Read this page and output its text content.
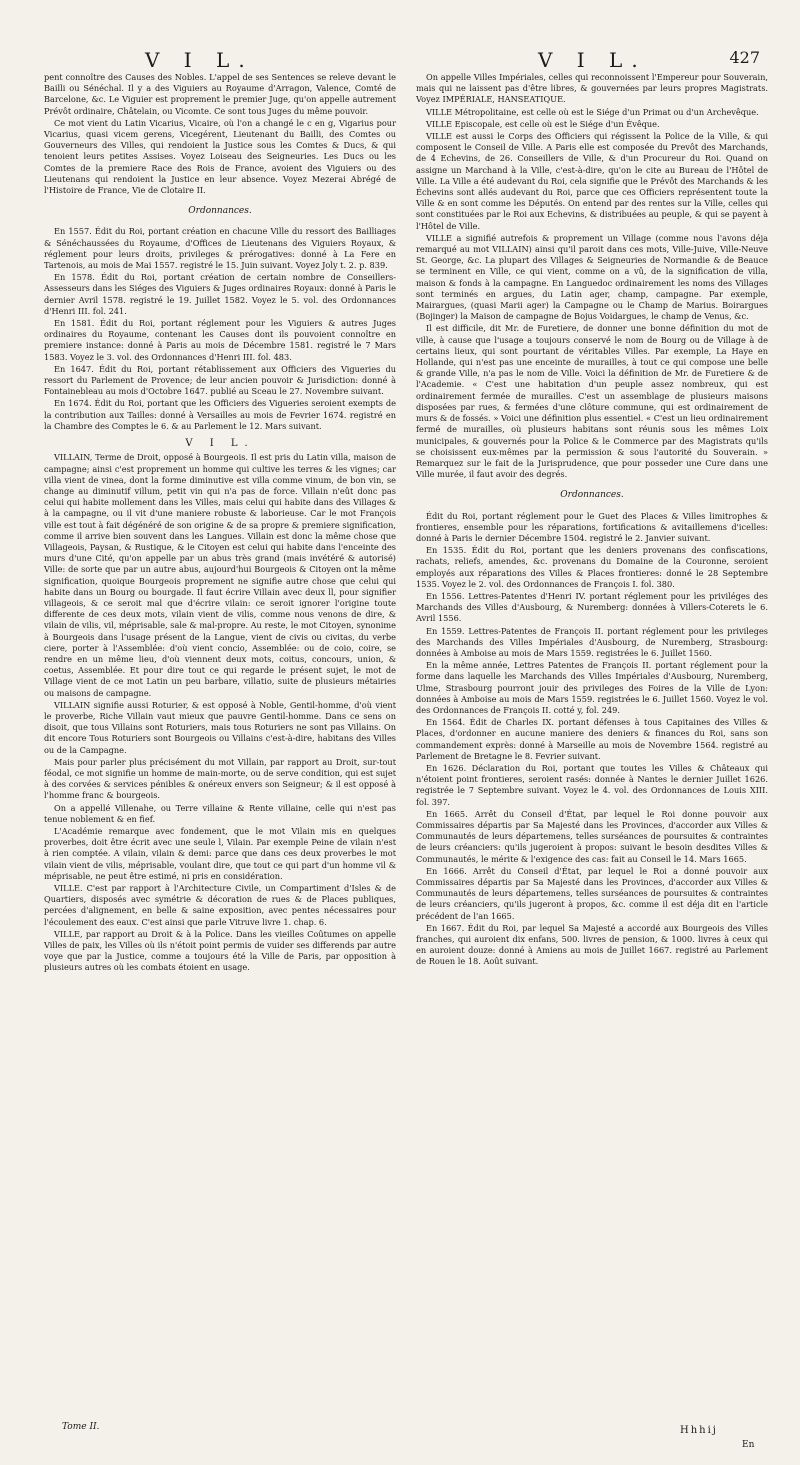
V I L.	V I L.	427

pent connoître des Causes des Nobles. L'appel de ses Sentences se releve devant le Bailli ou Sénéchal. Il y a des Viguiers au Royaume d'Arragon, Valence, Comté de Barcelone, &c. Le Viguier est proprement le premier Juge, qu'on appelle autrement Prévôt ordinaire, Châtelain, ou Vicomte. Ce sont tous Juges du même pouvoir.

Ce mot vient du Latin Vicarius, Vicaire, où l'on a changé le c en g, Vigarius pour Vicarius, quasi vicem gerens, Vicegérent, Lieutenant du Bailli, des Comtes ou Gouverneurs des Villes, qui rendoient la Justice sous les Comtes & Ducs, & qui tenoient leurs petites Assises. Voyez Loiseau des Seigneuries. Les Ducs ou les Comtes de la premiere Race des Rois de France, avoient des Viguiers ou des Lieutenans qui rendoient la Justice en leur absence. Voyez Mezerai Abrégé de l'Histoire de France, Vie de Clotaire II.

Ordonnances.

En 1557. Édit du Roi, portant création en chacune Ville du ressort des Bailliages & Sénéchaussées du Royaume, d'Offices de Lieutenans des Viguiers Royaux, & réglement pour leurs droits, privileges & prérogatives: donné à La Fere en Tartenois, au mois de Mai 1557. registré le 15. Juin suivant. Voyez Joly t. 2. p. 839.

En 1578. Édit du Roi, portant création de certain nombre de Conseillers-Assesseurs dans les Siéges des Viguiers & Juges ordinaires Royaux: donné à Paris le dernier Avril 1578. registré le 19. Juillet 1582. Voyez le 5. vol. des Ordonnances d'Henri III. fol. 241.

En 1581. Édit du Roi, portant réglement pour les Viguiers & autres Juges ordinaires du Royaume, contenant les Causes dont ils pouvoient connoître en premiere instance: donné à Paris au mois de Décembre 1581. registré le 7 Mars 1583. Voyez le 3. vol. des Ordonnances d'Henri III. fol. 483.

En 1647. Édit du Roi, portant rétablissement aux Officiers des Vigueries du ressort du Parlement de Provence; de leur ancien pouvoir & Jurisdiction: donné à Fontainebleau au mois d'Octobre 1647. publié au Sceau le 27. Novembre suivant.

En 1674. Édit du Roi, portant que les Officiers des Vigueries seroient exempts de la contribution aux Tailles: donné à Versailles au mois de Fevrier 1674. registré en la Chambre des Comptes le 6. & au Parlement le 12. Mars suivant.

V I L.

VILLAIN, Terme de Droit, opposé à Bourgeois. Il est pris du Latin villa, maison de campagne; ainsi c'est proprement un homme qui cultive les terres & les vignes; car villa vient de vinea, dont la forme diminutive est villa comme vinum, de bon vin, se change au diminutif villum, petit vin qui n'a pas de force. Villain n'eût donc pas celui qui habite mollement dans les Villes, mais celui qui habite dans des Villages & à la campagne, ou il vit d'une maniere robuste & laborieuse. Car le mot François ville est tout à fait dégénéré de son origine & de sa propre & premiere signification, comme il arrive bien souvent dans les Langues. Villain est donc la même chose que Villageois, Paysan, & Rustique, & le Citoyen est celui qui habite dans l'enceinte des murs d'une Cité, qu'on appelle par un abus très grand (mais invétéré & autorisé) Ville: de sorte que par un autre abus, aujourd'hui Bourgeois & Citoyen ont la même signification, quoique Bourgeois proprement ne signifie autre chose que celui qui habite dans un Bourg ou bourgade. Il faut écrire Villain avec deux ll, pour signifier villageois, & ce seroit mal que d'écrire vilain: ce seroit ignorer l'origine toute differente de ces deux mots, vilain vient de vilis, comme nous venons de dire, & vilain de vilis, vil, méprisable, sale & mal-propre. Au reste, le mot Citoyen, synonime à Bourgeois dans l'usage présent de la Langue, vient de civis ou civitas, du verbe ciere, porter à l'Assemblée: d'où vient concio, Assemblée: ou de coio, coire, se rendre en un même lieu, d'où viennent deux mots, coitus, concours, union, & coetus, Assemblée. Et pour dire tout ce qui regarde le présent sujet, le mot de Village vient de ce mot Latin un peu barbare, villatio, suite de plusieurs métairies ou maisons de campagne.

VILLAIN signifie aussi Roturier, & est opposé à Noble, Gentil-homme, d'où vient le proverbe, Riche Villain vaut mieux que pauvre Gentil-homme. Dans ce sens on disoit, que tous Villains sont Roturiers, mais tous Roturiers ne sont pas Villains. On dit encore Tous Roturiers sont Bourgeois ou Villains c'est-à-dire, habitans des Villes ou de la Campagne.

Mais pour parler plus précisément du mot Villain, par rapport au Droit, sur-tout féodal, ce mot signifie un homme de main-morte, ou de serve condition, qui est sujet à des corvées & services pénibles & onéreux envers son Seigneur; & il est opposé à l'homme franc & bourgeois.

On a appellé Villenahe, ou Terre villaine & Rente villaine, celle qui n'est pas tenue noblement & en fief.

L'Académie remarque avec fondement, que le mot Vilain mis en quelques proverbes, doit être écrit avec une seule l, Vilain. Par exemple Peine de vilain n'est à rien comptée. A vilain, vilain & demi: parce que dans ces deux proverbes le mot vilain vient de vilis, méprisable, voulant dire, que tout ce qui part d'un homme vil & méprisable, ne peut être estimé, ni pris en considération.

VILLE. C'est par rapport à l'Architecture Civile, un Compartiment d'Isles & de Quartiers, disposés avec symétrie & décoration de rues & de Places publiques, percées d'alignement, en belle & saine exposition, avec pentes nécessaires pour l'écoulement des eaux. C'est ainsi que parle Vitruve livre 1. chap. 6.

VILLE, par rapport au Droit & à la Police. Dans les vieilles Coûtumes on appelle Villes de paix, les Villes où ils n'étoit point permis de vuider ses differends par autre voye que par la Justice, comme a toujours été la Ville de Paris, par opposition à plusieurs autres où les combats étoient en usage.

On appelle Villes Impériales, celles qui reconnoissent l'Empereur pour Souverain, mais qui ne laissent pas d'être libres, & gouvernées par leurs propres Magistrats. Voyez IMPÉRIALE, HANSEATIQUE.

VILLE Métropolitaine, est celle où est le Siége d'un Primat ou d'un Archevêque.

VILLE Episcopale, est celle où est le Siége d'un Évêque.

VILLE est aussi le Corps des Officiers qui régissent la Police de la Ville, & qui composent le Conseil de Ville. A Paris elle est composée du Prevôt des Marchands, de 4 Echevins, de 26. Conseillers de Ville, & d'un Procureur du Roi. Quand on assigne un Marchand à la Ville, c'est-à-dire, qu'on le cite au Bureau de l'Hôtel de Ville. La Ville a été audevant du Roi, cela signifie que le Prévôt des Marchands & les Échevins sont allés audevant du Roi, parce que ces Officiers représentent toute la Ville & en sont comme les Députés. On entend par des rentes sur la Ville, celles qui sont constituées par le Roi aux Echevins, & distribuées au peuple, & qui se payent à l'Hôtel de Ville.

VILLE a signifié autrefois & proprement un Village (comme nous l'avons déja remarqué au mot VILLAIN) ainsi qu'il paroit dans ces mots, Ville-Juive, Ville-Neuve St. George, &c. La plupart des Villages & Seigneuries de Normandie & de Beauce se terminent en Ville, ce qui vient, comme on a vû, de la signification de villa, maison & fonds à la campagne. En Languedoc ordinairement les noms des Villages sont terminés en argues, du Latin ager, champ, campagne. Par exemple, Mairargues, (quasi Marii ager) la Campagne ou le Champ de Marius. Boirargues (Bojinger) la Maison de campagne de Bojus Voidargues, le champ de Venus, &c.

Il est difficile, dit Mr. de Furetiere, de donner une bonne définition du mot de ville, à cause que l'usage a toujours conservé le nom de Bourg ou de Village à de certains lieux, qui sont pourtant de véritables Villes. Par exemple, La Haye en Hollande, qui n'est pas une enceinte de murailles, à tout ce qui compose une belle & grande Ville, n'a pas le nom de Ville. Voici la définition de Mr. de Furetiere & de l'Academie. « C'est une habitation d'un peuple assez nombreux, qui est ordinairement fermée de murailles. C'est un assemblage de plusieurs maisons disposées par rues, & fermées d'une clôture commune, qui est ordinairement de murs & de fossés. » Voici une définition plus essentiel. « C'est un lieu ordinairement fermé de murailles, où plusieurs habitans sont réunis sous les mêmes Loix municipales, & gouvernés pour la Police & le Commerce par des Magistrats qu'ils se choisissent eux-mêmes par la permission & sous l'autorité du Souverain. » Remarquez sur le fait de la Jurisprudence, que pour posseder une Cure dans une Ville murée, il faut avoir des degrés.

Ordonnances.

Édit du Roi, portant réglement pour le Guet des Places & Villes limitrophes & frontieres, ensemble pour les réparations, fortifications & avitaillemens d'icelles: donné à Paris le dernier Décembre 1504. registré le 2. Janvier suivant.

En 1535. Édit du Roi, portant que les deniers provenans des confiscations, rachats, reliefs, amendes, &c. provenans du Domaine de la Couronne, seroient employés aux réparations des Villes & Places frontieres: donné le 28 Septembre 1535. Voyez le 2. vol. des Ordonnances de François I. fol. 380.

En 1556. Lettres-Patentes d'Henri IV. portant réglement pour les priviléges des Marchands des Villes d'Ausbourg, & Nuremberg: données à Villers-Coterets le 6. Avril 1556.

En 1559. Lettres-Patentes de François II. portant réglement pour les privileges des Marchands des Villes Impériales d'Ausbourg, de Nuremberg, Strasbourg: données à Amboise au mois de Mars 1559. registrées le 6. Juillet 1560.

En la même année, Lettres Patentes de François II. portant réglement pour la forme dans laquelle les Marchands des Villes Impériales d'Ausbourg, Nuremberg, Ulme, Strasbourg pourront jouir des privileges des Foires de la Ville de Lyon: données à Amboise au mois de Mars 1559. registrées le 6. Juillet 1560. Voyez le vol. des Ordonnances de François II. cotté y, fol. 249.

En 1564. Édit de Charles IX. portant défenses à tous Capitaines des Villes & Places, d'ordonner en aucune maniere des deniers & finances du Roi, sans son commandement exprès: donné à Marseille au mois de Novembre 1564. registré au Parlement de Bretagne le 8. Fevrier suivant.

En 1626. Déclaration du Roi, portant que toutes les Villes & Châteaux qui n'étoient point frontieres, seroient rasés: donnée à Nantes le dernier Juillet 1626. registrée le 7 Septembre suivant. Voyez le 4. vol. des Ordonnances de Louis XIII. fol. 397.

En 1665. Arrêt du Conseil d'État, par lequel le Roi donne pouvoir aux Commissaires départis par Sa Majesté dans les Provinces, d'accorder aux Villes & Communautés de leurs départemens, telles surséances de poursuites & contraintes de leurs créanciers: qu'ils jugeroient à propos: suivant le besoin desdites Villes & Communautés, le mérite & l'exigence des cas: fait au Conseil le 14. Mars 1665.

En 1666. Arrêt du Conseil d'État, par lequel le Roi a donné pouvoir aux Commissaires départis par Sa Majesté dans les Provinces, d'accorder aux Villes & Communautés de leurs départemens, telles surséances de poursuites & contraintes de leurs créanciers, qu'ils jugeront à propos, &c. comme il est déja dit en l'article précédent de l'an 1665.

En 1667. Édit du Roi, par lequel Sa Majesté a accordé aux Bourgeois des Villes franches, qui auroient dix enfans, 500. livres de pension, & 1000. livres à ceux qui en auroient douze: donné à Amiens au mois de Juillet 1667. registré au Parlement de Rouen le 18. Août suivant.

Tome II.	Hhhij
En
